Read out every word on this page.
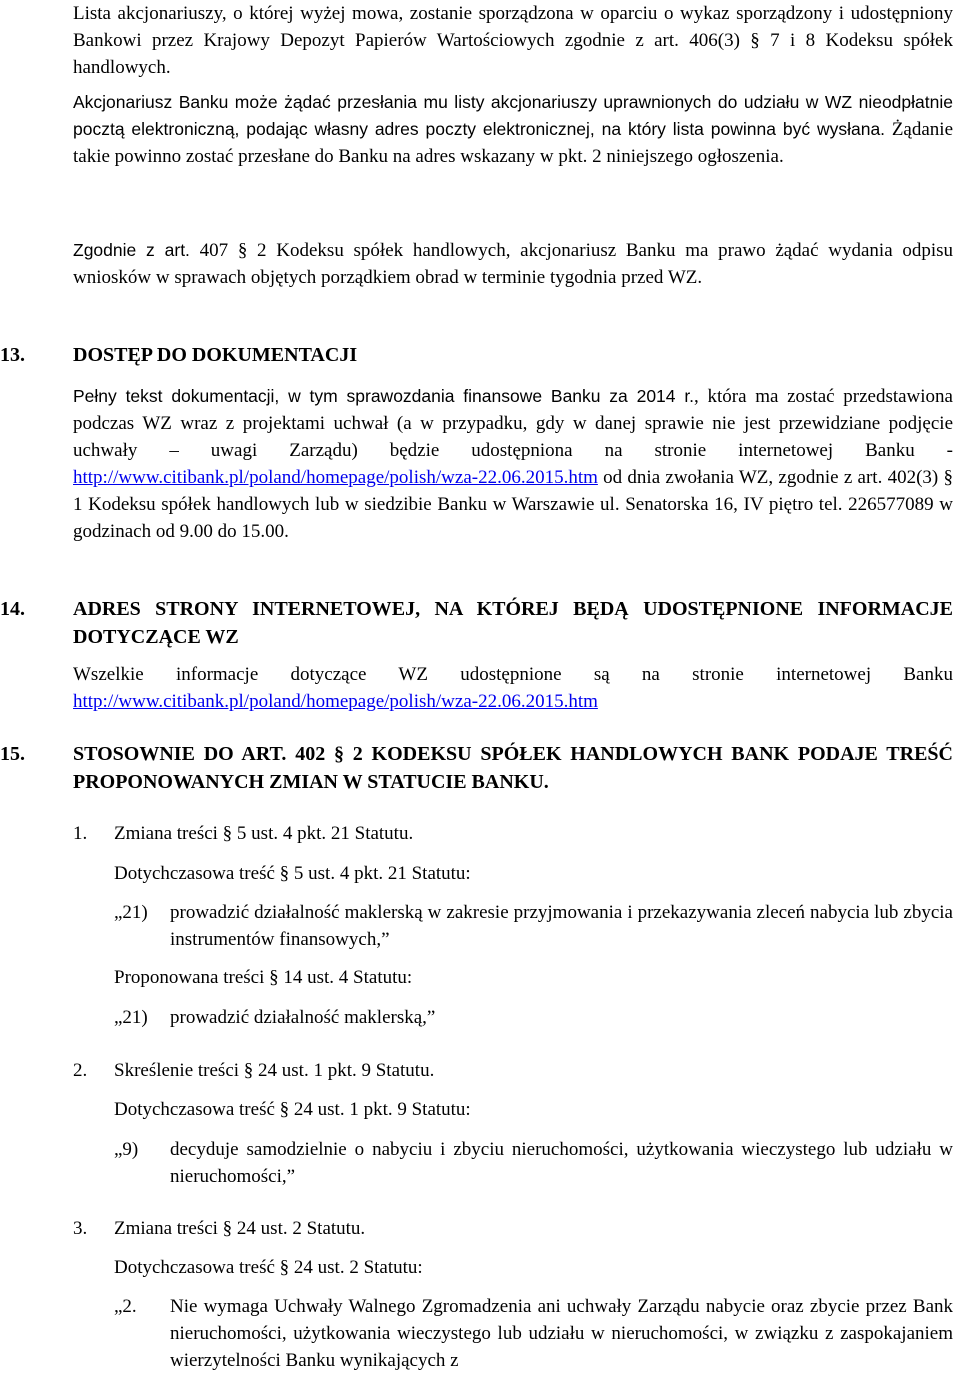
Lista akcjonariuszy, o której wyżej mowa, zostanie sporządzona w oparciu o wykaz sporządzony i udostępniony Bankowi przez Krajowy Depozyt Papierów Wartościowych zgodnie z art. 406(3) § 7 i 8 Kodeksu spółek handlowych.

Akcjonariusz Banku może żądać przesłania mu listy akcjonariuszy uprawnionych do udziału w WZ nieodpłatnie pocztą elektroniczną, podając własny adres poczty elektronicznej, na który lista powinna być wysłana. Żądanie takie powinno zostać przesłane do Banku na adres wskazany w pkt. 2 niniejszego ogłoszenia.

Zgodnie z art. 407 § 2 Kodeksu spółek handlowych, akcjonariusz Banku ma prawo żądać wydania odpisu wniosków w sprawach objętych porządkiem obrad w terminie tygodnia przed WZ.

13. DOSTĘP DO DOKUMENTACJI

Pełny tekst dokumentacji, w tym sprawozdania finansowe Banku za 2014 r., która ma zostać przedstawiona podczas WZ wraz z projektami uchwał (a w przypadku, gdy w danej sprawie nie jest przewidziane podjęcie uchwały – uwagi Zarządu) będzie udostępniona na stronie internetowej Banku - http://www.citibank.pl/poland/homepage/polish/wza-22.06.2015.htm od dnia zwołania WZ, zgodnie z art. 402(3) § 1 Kodeksu spółek handlowych lub w siedzibie Banku w Warszawie ul. Senatorska 16, IV piętro tel. 226577089 w godzinach od 9.00 do 15.00.

14. ADRES STRONY INTERNETOWEJ, NA KTÓREJ BĘDĄ UDOSTĘPNIONE INFORMACJE DOTYCZĄCE WZ

Wszelkie informacje dotyczące WZ udostępnione są na stronie internetowej Banku http://www.citibank.pl/poland/homepage/polish/wza-22.06.2015.htm

15. STOSOWNIE DO ART. 402 § 2 KODEKSU SPÓŁEK HANDLOWYCH BANK PODAJE TREŚĆ PROPONOWANYCH ZMIAN W STATUCIE BANKU.
1. Zmiana treści § 5 ust. 4 pkt. 21 Statutu.
Dotychczasowa treść § 5 ust. 4 pkt. 21 Statutu:
„21) prowadzić działalność maklerską w zakresie przyjmowania i przekazywania zleceń nabycia lub zbycia instrumentów finansowych,”
Proponowana treści § 14 ust. 4 Statutu:
„21) prowadzić działalność maklerską,”
2. Skreślenie treści § 24 ust. 1 pkt. 9 Statutu.
Dotychczasowa treść § 24 ust. 1 pkt. 9 Statutu:
„9) decyduje samodzielnie o nabyciu i zbyciu nieruchomości, użytkowania wieczystego lub udziału w nieruchomości,”
3. Zmiana treści § 24 ust. 2 Statutu.
Dotychczasowa treść § 24 ust. 2 Statutu:
„2. Nie wymaga Uchwały Walnego Zgromadzenia ani uchwały Zarządu nabycie oraz zbycie przez Bank nieruchomości, użytkowania wieczystego lub udziału w nieruchomości, w związku z zaspokajaniem wierzytelności Banku wynikających z
